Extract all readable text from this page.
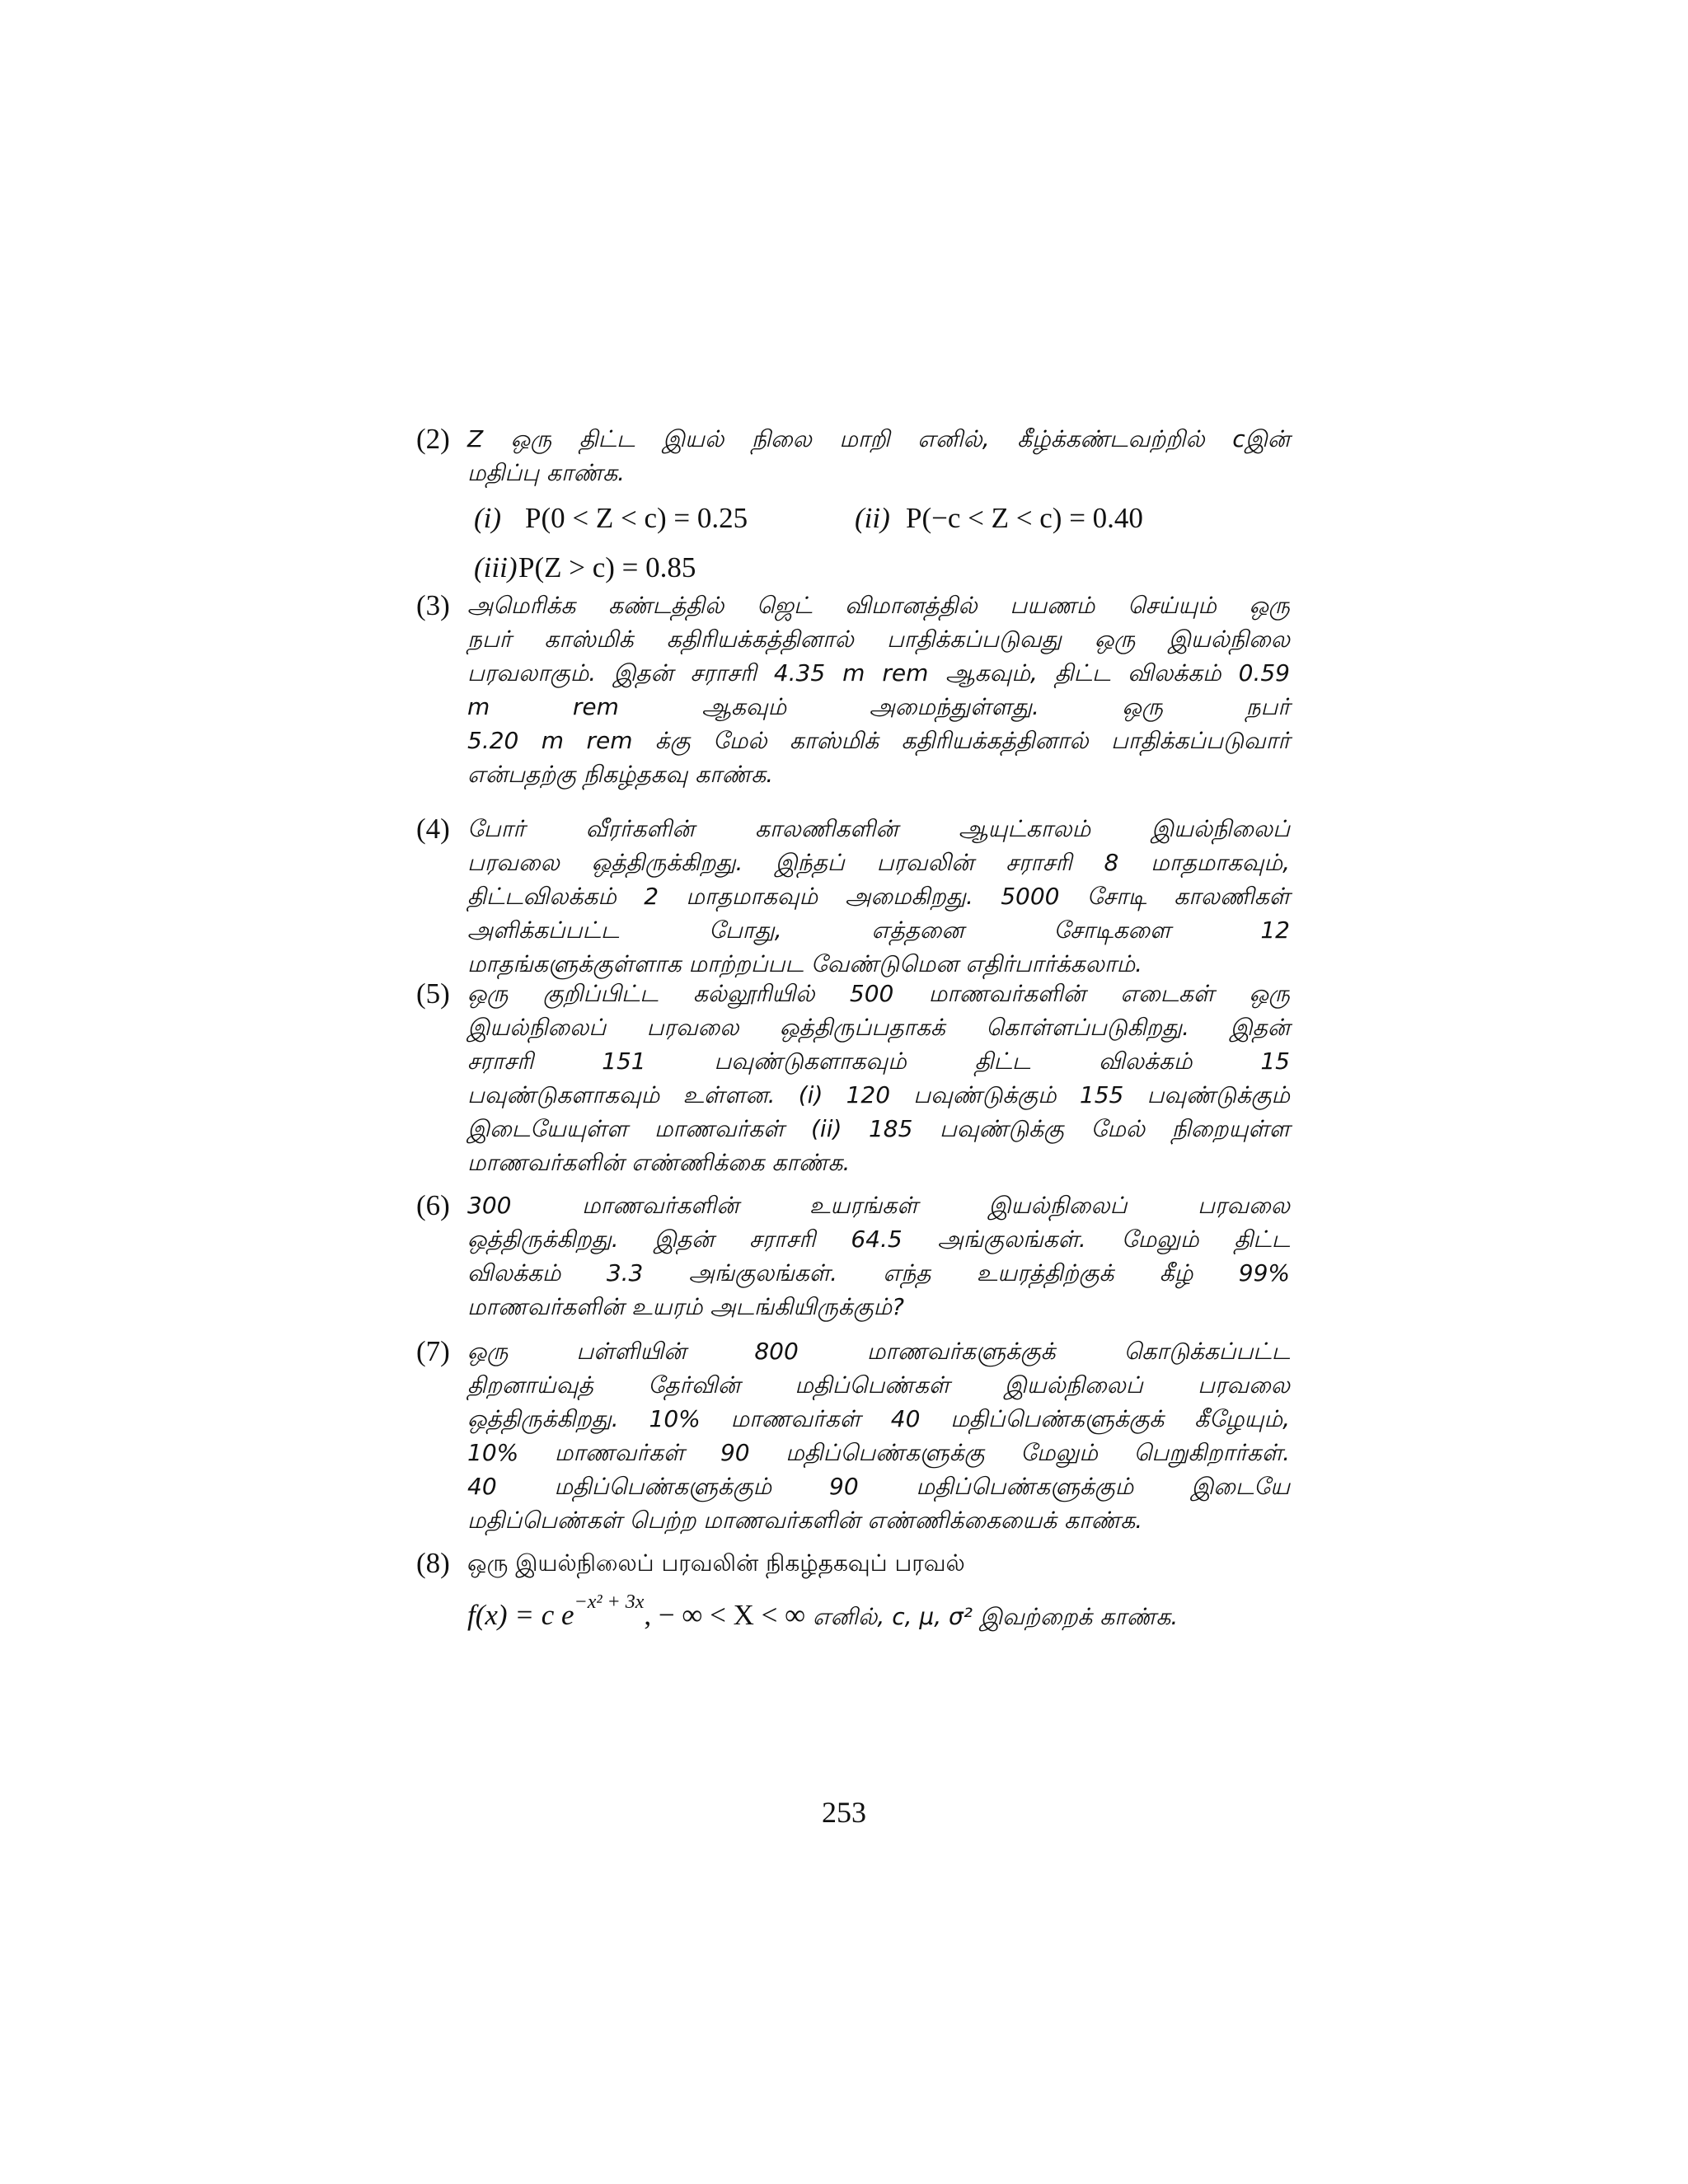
(2) Z ஒரு திட்ட இயல் நிலை மாறி எனில், கீழ்க்கண்டவற்றில் cஇன்
மதிப்பு காண்க.
(i) P(0 < Z < c) = 0.25	(ii) P(−c < Z < c) = 0.40
(iii) P(Z > c) = 0.85
(3) அமெரிக்க கண்டத்தில் ஜெட் விமானத்தில் பயணம் செய்யும் ஒரு
நபர் காஸ்மிக் கதிரியக்கத்தினால் பாதிக்கப்படுவது ஒரு இயல்நிலை
பரவலாகும். இதன் சராசரி 4.35 m rem ஆகவும், திட்ட விலக்கம் 0.59
m rem ஆகவும் அமைந்துள்ளது. ஒரு நபர்
5.20 m rem க்கு மேல் காஸ்மிக் கதிரியக்கத்தினால் பாதிக்கப்படுவார்
என்பதற்கு நிகழ்தகவு காண்க.
(4) போர் வீரர்களின் காலணிகளின் ஆயுட்காலம் இயல்நிலைப்
பரவலை ஒத்திருக்கிறது. இந்தப் பரவலின் சராசரி 8 மாதமாகவும்,
திட்டவிலக்கம் 2 மாதமாகவும் அமைகிறது. 5000 சோடி காலணிகள்
அளிக்கப்பட்ட போது, எத்தனை சோடிகளை 12
மாதங்களுக்குள்ளாக மாற்றப்பட வேண்டுமென எதிர்பார்க்கலாம்.
(5) ஒரு குறிப்பிட்ட கல்லூரியில் 500 மாணவர்களின் எடைகள் ஒரு
இயல்நிலைப் பரவலை ஒத்திருப்பதாகக் கொள்ளப்படுகிறது. இதன்
சராசரி 151 பவுண்டுகளாகவும் திட்ட விலக்கம் 15
பவுண்டுகளாகவும் உள்ளன. (i) 120 பவுண்டுக்கும் 155 பவுண்டுக்கும்
இடையேயுள்ள மாணவர்கள் (ii) 185 பவுண்டுக்கு மேல் நிறையுள்ள
மாணவர்களின் எண்ணிக்கை காண்க.
(6) 300 மாணவர்களின் உயரங்கள் இயல்நிலைப் பரவலை
ஒத்திருக்கிறது. இதன் சராசரி 64.5 அங்குலங்கள். மேலும் திட்ட
விலக்கம் 3.3 அங்குலங்கள். எந்த உயரத்திற்குக் கீழ் 99%
மாணவர்களின் உயரம் அடங்கியிருக்கும்?
(7) ஒரு பள்ளியின் 800 மாணவர்களுக்குக் கொடுக்கப்பட்ட
திறனாய்வுத் தேர்வின் மதிப்பெண்கள் இயல்நிலைப் பரவலை
ஒத்திருக்கிறது. 10% மாணவர்கள் 40 மதிப்பெண்களுக்குக் கீழேயும்,
10% மாணவர்கள் 90 மதிப்பெண்களுக்கு மேலும் பெறுகிறார்கள்.
40 மதிப்பெண்களுக்கும் 90 மதிப்பெண்களுக்கும் இடையே
மதிப்பெண்கள் பெற்ற மாணவர்களின் எண்ணிக்கையைக் காண்க.
(8) ஒரு இயல்நிலைப் பரவலின் நிகழ்தகவுப் பரவல்
f(x) = c $e^{-x^2 + 3x}$, − ∞ < X < ∞ எனில், c, μ, σ² இவற்றைக் காண்க.
253
